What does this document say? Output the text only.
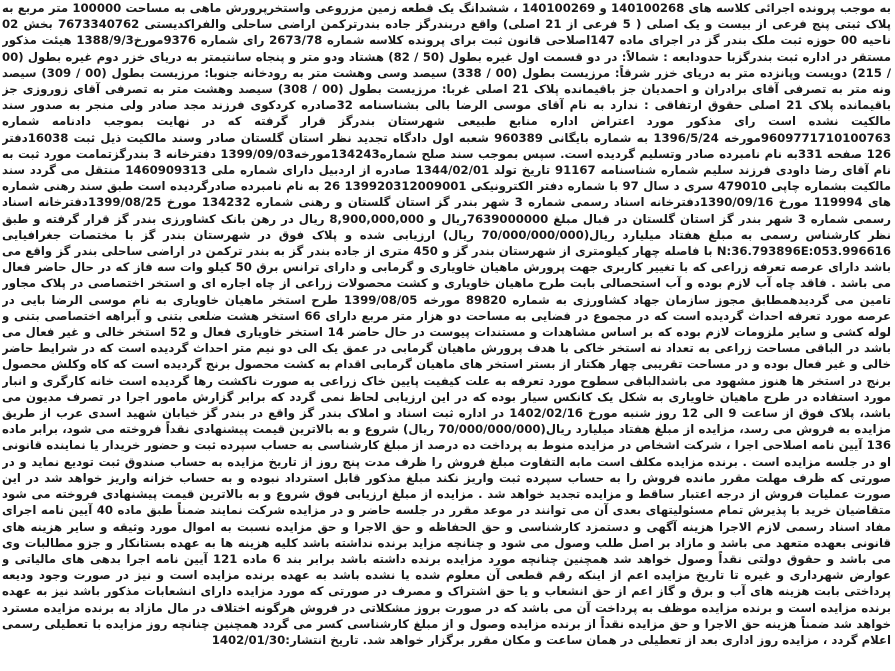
به موجب پرونده اجرائی کلاسه های 140100268 و 140100269 ، ششدانگ یک قطعه زمین مزروعی واستخرپرورش ماهی به مساحت 100000 متر مربع به پلاک ثبتی پنج فرعی از بیست و یک اصلی ( 5 فرعی از 21 اصلی) واقع دربندرگز جاده بندرترکمن اراضی ساحلی والفراکدیستی 7673340762 بخش 02 ناحیه 00 حوزه ثبت ملک بندر گز در اجرای ماده 147اصلاحی قانون ثبت برای پرونده کلاسه شماره 2673/78 رای شماره 9376مورخ1388/9/3 هیئت مذکور مستقر در اداره ثبت بندرگزبا حدودابعه : شمالاً: در دو قسمت اول غیره بطول (50 / 82) هشتاد ودو متر و پنجاه سانتیمتر به دریای خزر دوم غیره بطول (00 / 215) دویست وپانزده متر به دریای خزر شرقاً: مرزیست بطول (00 / 338) سیصد وسی وهشت متر به رودخانه جنوبا: مرزیست بطول (00 / 309) سیصد ونه متر به تصرفی آقای برادران و احمدیان جز باقیمانده پلاک 21 اصلی غربا: مرزیست بطول (00 / 308) سیصد وهشت متر به تصرفی آقای زوروزی جز باقیمانده پلاک 21 اصلی حقوق ارتفاقی : ندارد به نام آقای موسی الرضا بالی بشناسنامه 32صادره کردکوی فرزند مجد صادر ولی منجر به صدور سند مالکیت نشده است رای مذکور مورد اعتراض اداره منابع طبیعی شهرستان بندرگز قرار گرفته که در نهایت بموجب دادنامه شماره 9609771710100763مورخه 1396/5/24 به شماره بایگانی 960389 شعبه اول دادگاه تجدید نظر استان گلستان صادر وسند مالکیت ذیل ثبت 16038دفتر 126 صفحه 331به نام نامبرده صادر وتسلیم گردیده است. سپس بموجب سند صلح شماره134243مورخه1399/09/03 دفترخانه 3 بندرگزتمامت مورد ثبت به نام آقای رضا داودی فرزند سلیم شماره شناسنامه 91167 تاریخ تولد 1344/02/01 صادره از اردبیل دارای شماره ملی 1460909313 منتقل می گردد سند مالکیت بشماره چاپی 479010 سری د سال 97 با شماره دفتر الکترونیکی 139920312009001 26 به نام نامبرده صادرگردیده است طبق سند رهنی شماره های 119994 مورخ 1390/09/16دفترخانه اسناد رسمی شماره 3 شهر بندر گز استان گلستان و رهنی شماره 134232 مورخ 1399/08/25دفترخانه اسناد رسمی شماره 3 شهر بندر گز استان گلستان در قبال مبلغ 7639000000ریال و 8,900,000,000 ریال در رهن بانک کشاورزی بندر گز قرار گرفته و طبق نظر کارشناس رسمی به مبلغ هفتاد میلیارد ریال(70/000/000/000 ریال) ارزیابی شده و پلاک فوق در شهرستان بندر گز با مختصات جغرافیایی N:36.793896E:053.996616 با فاصله چهار کیلومتری از شهرستان بندر گز و 450 متری از جاده بندر گز به بندر ترکمن در اراضی ساحلی بندر گز واقع می باشد دارای عرصه تعرفه زراعی که با تغییر کاربری جهت پرورش ماهیان خاویاری و گرمابی و دارای ترانس برق 50 کیلو وات سه فاز که در حال حاضر فعال می باشد . فاقد چاه آب لازم بوده و آب استحصالی بابت طرح ماهیان خاویاری و کشت محصولات زراعی از چاه اجاره ای و استخر اختصاصی در پلاک مجاور تامین می گردیدهمطابق مجوز سازمان جهاد کشاورزی به شماره 89820 مورخه 1399/08/05 طرح استخر ماهیان خاویاری به نام موسی الرضا بایی در عرصه مورد تعرفه احداث گردیده است که در مجموع در فضایی به مساحت دو هزار متر مربع دارای 66 استخر هشت ضلعی بتنی و آبراهه اختصاصی بتنی و لوله کشی و سایر ملزومات لازم بوده که بر اساس مشاهدات و مستندات پیوست در حال حاضر 14 استخر خاویاری فعال و 52 استخر خالی و غیر فعال می باشد در الباقی مساحت زراعی به تعداد نه استخر خاکی با هدف پرورش ماهیان گرمابی در عمق یک الی دو نیم متر احداث گردیده است که در شرایط حاضر خالی و غیر فعال بوده و در مساحت تقریبی چهار هکتار از بستر استخر های ماهیان گرمابی اقدام به کشت محصول برنج گردیده است که کاه وکلش محصول برنج در استخر ها هنوز مشهود می باشدالباقی سطوح مورد تعرفه به علت کیفیت پایین خاک زراعی به صورت ناکشت رها گردیده است خانه کارگری و انبار مورد استفاده در طرح ماهیان خاویاری به شکل یک کانکس سیار بوده که در این ارزیابی لحاظ نمی گردد که برابر گزارش مامور اجرا در تصرف مدیون می باشد، پلاک فوق از ساعت 9 الی 12 روز شنبه مورخ 1402/02/16 در اداره ثبت اسناد و املاک بندر گز واقع در بندر گز خیابان شهید اسدی عرب از طریق مزایده به فروش می رسد، مزایده از مبلغ هفتاد میلیارد ریال(70/000/000/000 ریال) شروع و به بالاترین قیمت پیشنهادی نقداً فروخته می شود، برابر ماده 136 آیین نامه اصلاحی اجرا ، شرکت اشخاص در مزایده منوط به پرداخت ده درصد از مبلغ کارشناسی به حساب سپرده ثبت و حضور خریدار یا نماینده قانونی او در جلسه مزایده است . برنده مزایده مکلف است مابه التفاوت مبلغ فروش را ظرف مدت پنج روز از تاریخ مزایده به حساب صندوق ثبت تودیع نماید و در صورتی که ظرف مهلت مقرر مانده فروش را به حساب سپرده ثبت واریز نکند مبلغ مذکور قابل استرداد نبوده و به حساب خزانه واریز خواهد شد در این صورت عملیات فروش از درجه اعتبار ساقط و مزایده تجدید خواهد شد . مزایده از مبلغ ارزیابی فوق شروع و به بالاترین قیمت پیشنهادی فروخته می شود متقاضیان خرید با پذیرش تمام مسئولیتهای بعدی آن می توانند در موعد مقرر در جلسه حاضر و در مزایده شرکت نمایند ضمناً طبق ماده 40 آیین نامه اجرای مفاد اسناد رسمی لازم الاجرا هزینه آگهی و دستمزد کارشناسی و حق الحفاظه و حق الاجرا و حق مزایده نسبت به اموال مورد وثیقه و سایر هزینه های قانونی بعهده متعهد می باشد و مازاد بر اصل طلب وصول می شود و چنانچه مزاید برنده نداشته باشد کلیه هزینه ها به عهده بستانکار و جزو مطالبات وی می باشد و حقوق دولتی نقداً وصول خواهد شد همچنین چنانچه مورد مزایده برنده داشته باشد برابر بند 6 ماده 121 آیین نامه اجرا بدهی های مالیاتی و عوارض شهرداری و غیره تا تاریخ مزایده اعم از اینکه رقم قطعی آن معلوم شده یا نشده باشد به عهده برنده مزایده است و نیز در صورت وجود ودیعه پرداختی بابت هزینه های آب و برق و گاز اعم از حق انشعاب و یا حق اشتراک و مصرف در صورتی که مورد مزایده دارای انشعابات مذکور باشد نیز به عهده برنده مزایده است و برنده مزایده موظف به پرداخت آن می باشد که در صورت بروز مشکلاتی در فروش هرگونه اختلاف در مال مازاد به برنده مزایده مسترد خواهد شد ضمناً هزینه حق الاجرا و حق مزایده نقداً از برنده مزایده وصول و از مبلغ کارشناسی کسر می گردد همچنین چنانچه روز مزایده با تعطیلی رسمی اعلام گردد ، مزایده روز اداری بعد از تعطیلی در همان ساعت و مکان مقرر برگزار خواهد شد. تاریخ انتشار:1402/01/30
